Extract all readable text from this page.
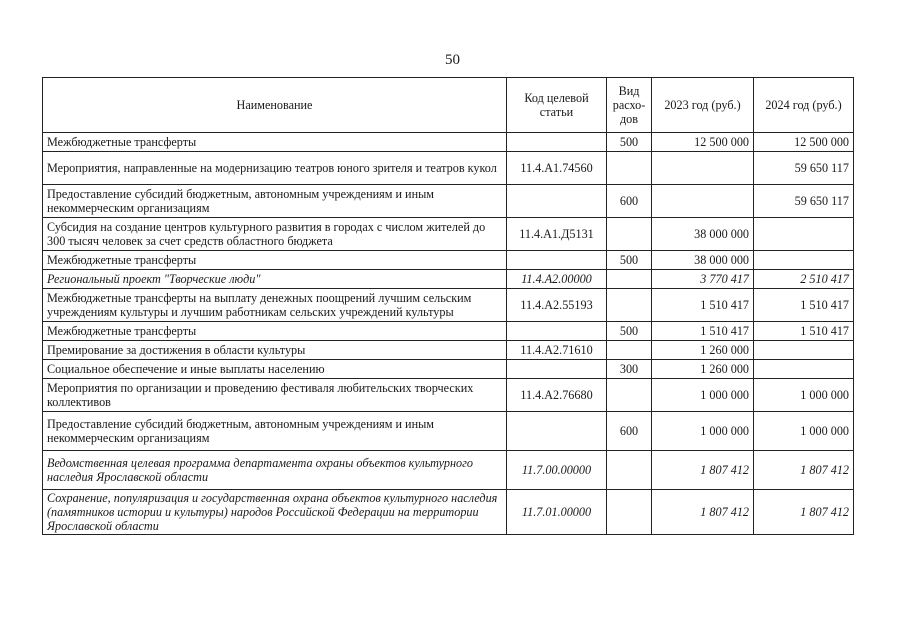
50
Наименование	Код целевой статьи	Вид расхо-дов	2023 год (руб.)	2024 год (руб.)
Межбюджетные трансферты		500	12 500 000	12 500 000
Мероприятия, направленные на модернизацию театров юного зрителя и театров кукол	11.4.A1.74560			59 650 117
Предоставление субсидий бюджетным, автономным учреждениям и иным некоммерческим организациям		600		59 650 117
Субсидия на создание центров культурного развития в городах с числом жителей до 300 тысяч человек за счет средств областного бюджета	11.4.A1.Д5131		38 000 000	
Межбюджетные трансферты		500	38 000 000	
Региональный проект "Творческие люди"	11.4.A2.00000		3 770 417	2 510 417
Межбюджетные трансферты на выплату денежных поощрений лучшим сельским учреждениям культуры и лучшим работникам сельских учреждений культуры	11.4.A2.55193		1 510 417	1 510 417
Межбюджетные трансферты		500	1 510 417	1 510 417
Премирование за достижения в области культуры	11.4.A2.71610		1 260 000	
Социальное обеспечение и иные выплаты населению		300	1 260 000	
Мероприятия по организации и проведению фестиваля любительских творческих коллективов	11.4.A2.76680		1 000 000	1 000 000
Предоставление субсидий бюджетным, автономным учреждениям и иным некоммерческим организациям		600	1 000 000	1 000 000
Ведомственная целевая программа департамента охраны объектов культурного наследия Ярославской области	11.7.00.00000		1 807 412	1 807 412
Сохранение, популяризация и государственная охрана объектов культурного наследия (памятников истории и культуры) народов Российской Федерации на территории Ярославской области	11.7.01.00000		1 807 412	1 807 412
